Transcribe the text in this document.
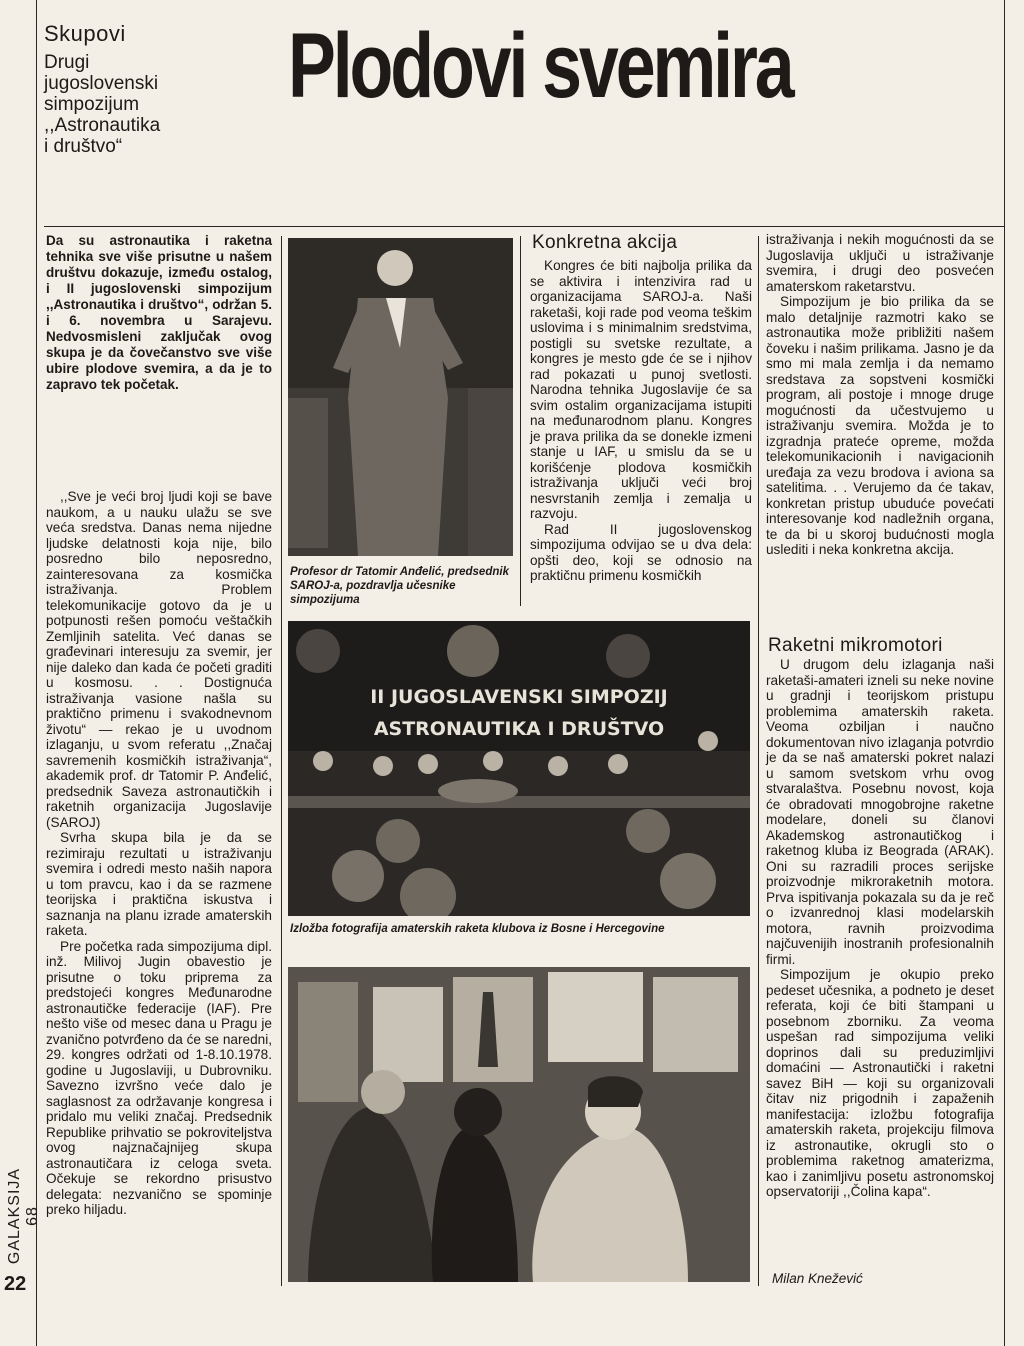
Skupovi
Drugi
jugoslovenski
simpozijum
,,Astronautika
i društvo“
Plodovi svemira
Da su astronautika i raketna tehnika sve više prisutne u našem društvu dokazuje, između ostalog, i II jugoslovenski simpozijum ,,Astronautika i društvo“, održan 5. i 6. novembra u Sarajevu. Nedvosmisleni zaključak ovog skupa je da čovečanstvo sve više ubire plodove svemira, a da je to zapravo tek početak.

,,Sve je veći broj ljudi koji se bave naukom, a u nauku ulažu se sve veća sredstva. Danas nema nijedne ljudske delatnosti koja nije, bilo posredno bilo neposredno, zainteresovana za kosmička istraživanja. Problem telekomunikacije gotovo da je u potpunosti rešen pomoću veštačkih Zemljinih satelita. Već danas se građevinari interesuju za svemir, jer nije daleko dan kada će početi graditi u kosmosu. . . Dostignuća istraživanja vasione našla su praktično primenu i svakodnevnom životu“ — rekao je u uvodnom izlaganju, u svom referatu ,,Značaj savremenih kosmičkih istraživanja“, akademik prof. dr Tatomir P. Anđelić, predsednik Saveza astronautičkih i raketnih organizacija Jugoslavije (SAROJ)

Svrha skupa bila je da se rezimiraju rezultati u istraživanju svemira i odredi mesto naših napora u tom pravcu, kao i da se razmene teorijska i praktična iskustva i saznanja na planu izrade amaterskih raketa.

Pre početka rada simpozijuma dipl. inž. Milivoj Jugin obavestio je prisutne o toku priprema za predstojeći kongres Međunarodne astronautičke federacije (IAF). Pre nešto više od mesec dana u Pragu je zvanično potvrđeno da će se naredni, 29. kongres održati od 1-8.10.1978. godine u Jugoslaviji, u Dubrovniku. Savezno izvršno veće dalo je saglasnost za održavanje kongresa i pridalo mu veliki značaj. Predsednik Republike prihvatio se pokroviteljstva ovog najznačajnijeg skupa astronautičara iz celoga sveta. Očekuje se rekordno prisustvo delegata: nezvanično se spominje preko hiljadu.

Profesor dr Tatomir Anđelić, predsednik SAROJ-a, pozdravlja učesnike simpozijuma
Konkretna akcija

Kongres će biti najbolja prilika da se aktivira i intenzivira rad u organizacijama SAROJ-a. Naši raketaši, koji rade pod veoma teškim uslovima i s minimalnim sredstvima, postigli su svetske rezultate, a kongres je mesto gde će se i njihov rad pokazati u punoj svetlosti. Narodna tehnika Jugoslavije će sa svim ostalim organizacijama istupiti na međunarodnom planu. Kongres je prava prilika da se donekle izmeni stanje u IAF, u smislu da se u korišćenje plodova kosmičkih istraživanja uključi veći broj nesvrstanih zemlja i zemalja u razvoju.

Rad II jugoslovenskog simpozijuma odvijao se u dva dela: opšti deo, koji se odnosio na praktičnu primenu kosmičkih

istraživanja i nekih mogućnosti da se Jugoslavija uključi u istraživanje svemira, i drugi deo posvećen amaterskom raketarstvu.

Simpozijum je bio prilika da se malo detaljnije razmotri kako se astronautika može približiti našem čoveku i našim prilikama. Jasno je da smo mi mala zemlja i da nemamo sredstava za sopstveni kosmički program, ali postoje i mnoge druge mogućnosti da učestvujemo u istraživanju svemira. Možda je to izgradnja prateće opreme, možda telekomunikacionih i navigacionih uređaja za vezu brodova i aviona sa satelitima. . . Verujemo da će takav, konkretan pristup ubuduće povećati interesovanje kod nadležnih organa, te da bi u skoroj budućnosti mogla uslediti i neka konkretna akcija.

Raketni mikromotori

U drugom delu izlaganja naši raketaši-amateri izneli su neke novine u gradnji i teorijskom pristupu problemima amaterskih raketa. Veoma ozbiljan i naučno dokumentovan nivo izlaganja potvrdio je da se naš amaterski pokret nalazi u samom svetskom vrhu ovog stvaralaštva. Posebnu novost, koja će obradovati mnogobrojne raketne modelare, doneli su članovi Akademskog astronautičkog i raketnog kluba iz Beograda (ARAK). Oni su razradili proces serijske proizvodnje mikroraketnih motora. Prva ispitivanja pokazala su da je reč o izvanrednoj klasi modelarskih motora, ravnih proizvodima najčuvenijih inostranih profesionalnih firmi.

Simpozijum je okupio preko pedeset učesnika, a podneto je deset referata, koji će biti štampani u posebnom zborniku. Za veoma uspešan rad simpozijuma veliki doprinos dali su preduzimljivi domaćini — Astronautički i raketni savez BiH — koji su organizovali čitav niz prigodnih i zapaženih manifestacija: izložbu fotografija amaterskih raketa, projekciju filmova iz astronautike, okrugli sto o problemima raketnog amaterizma, kao i zanimljivu posetu astronomskoj opservatoriji ,,Čolina kapa“.

Milan Knežević
II JUGOSLAVENSKI SIMPOZIJ
ASTRONAUTIKA I DRUŠTVO
Izložba fotografija amaterskih raketa klubova iz Bosne i Hercegovine
22
GALAKSIJA 68
